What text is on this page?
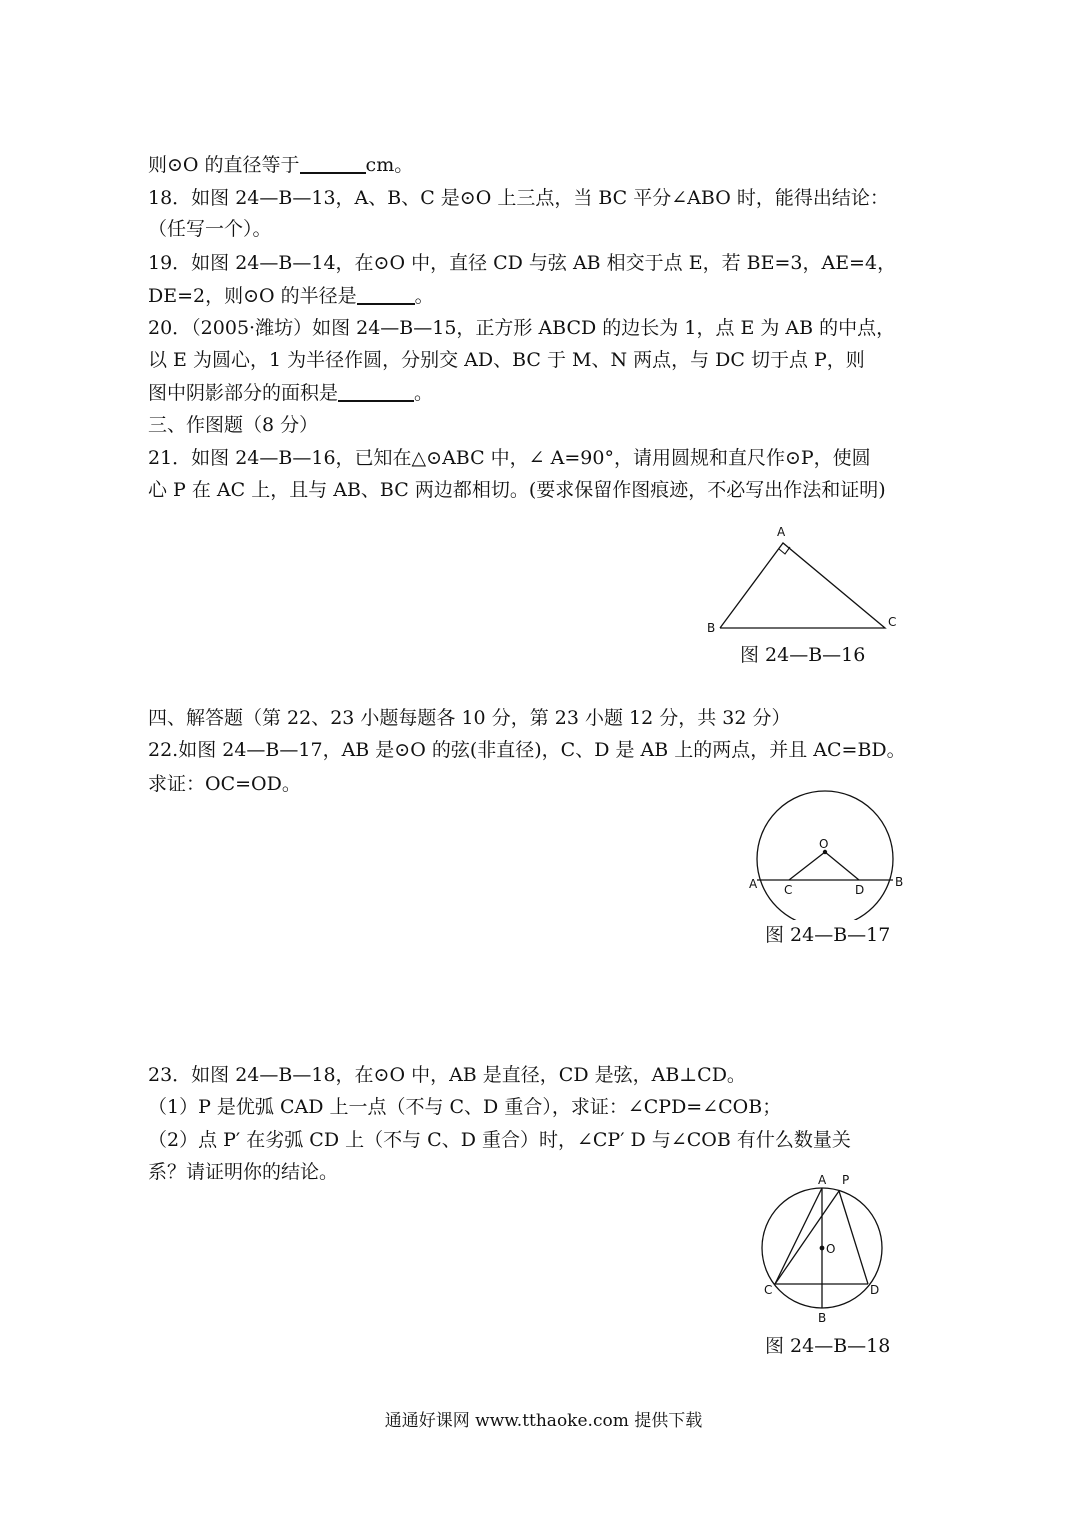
则⊙O 的直径等于	cm。
18．如图 24—B—13，A、B、C 是⊙O 上三点，当 BC 平分∠ABO 时，能得出结论：
（任写一个）。
19．如图 24—B—14，在⊙O 中，直径 CD 与弦 AB 相交于点 E，若 BE=3，AE=4，
DE=2，则⊙O 的半径是	。
20．（2005·潍坊）如图 24—B—15，正方形 ABCD 的边长为 1，点 E 为 AB 的中点，
以 E 为圆心，1 为半径作圆，分别交 AD、BC 于 M、N 两点，与 DC 切于点 P，则
图中阴影部分的面积是	。
三、作图题（8 分）
21．如图 24—B—16，已知在△⊙ABC 中，∠ A=90°，请用圆规和直尺作⊙P，使圆
心 P 在 AC 上，且与 AB、BC 两边都相切。(要求保留作图痕迹，不必写出作法和证明)
A
B	C
图 24—B—16
四、解答题（第 22、23 小题每题各 10 分，第 23 小题 12 分，共 32 分）
22.如图 24—B—17，AB 是⊙O 的弦(非直径)，C、D 是 AB 上的两点，并且 AC=BD。
求证：OC=OD。
O
A	B
C	D
图 24—B—17
23．如图 24—B—18，在⊙O 中，AB 是直径，CD 是弦，AB⊥CD。
（1）P 是优弧 CAD 上一点（不与 C、D 重合），求证：∠CPD=∠COB；
（2）点 P′ 在劣弧 CD 上（不与 C、D 重合）时，∠CP′ D 与∠COB 有什么数量关
系？请证明你的结论。	A P
O
C	D
B
图 24—B—18
通通好课网 www.tthaoke.com 提供下载
